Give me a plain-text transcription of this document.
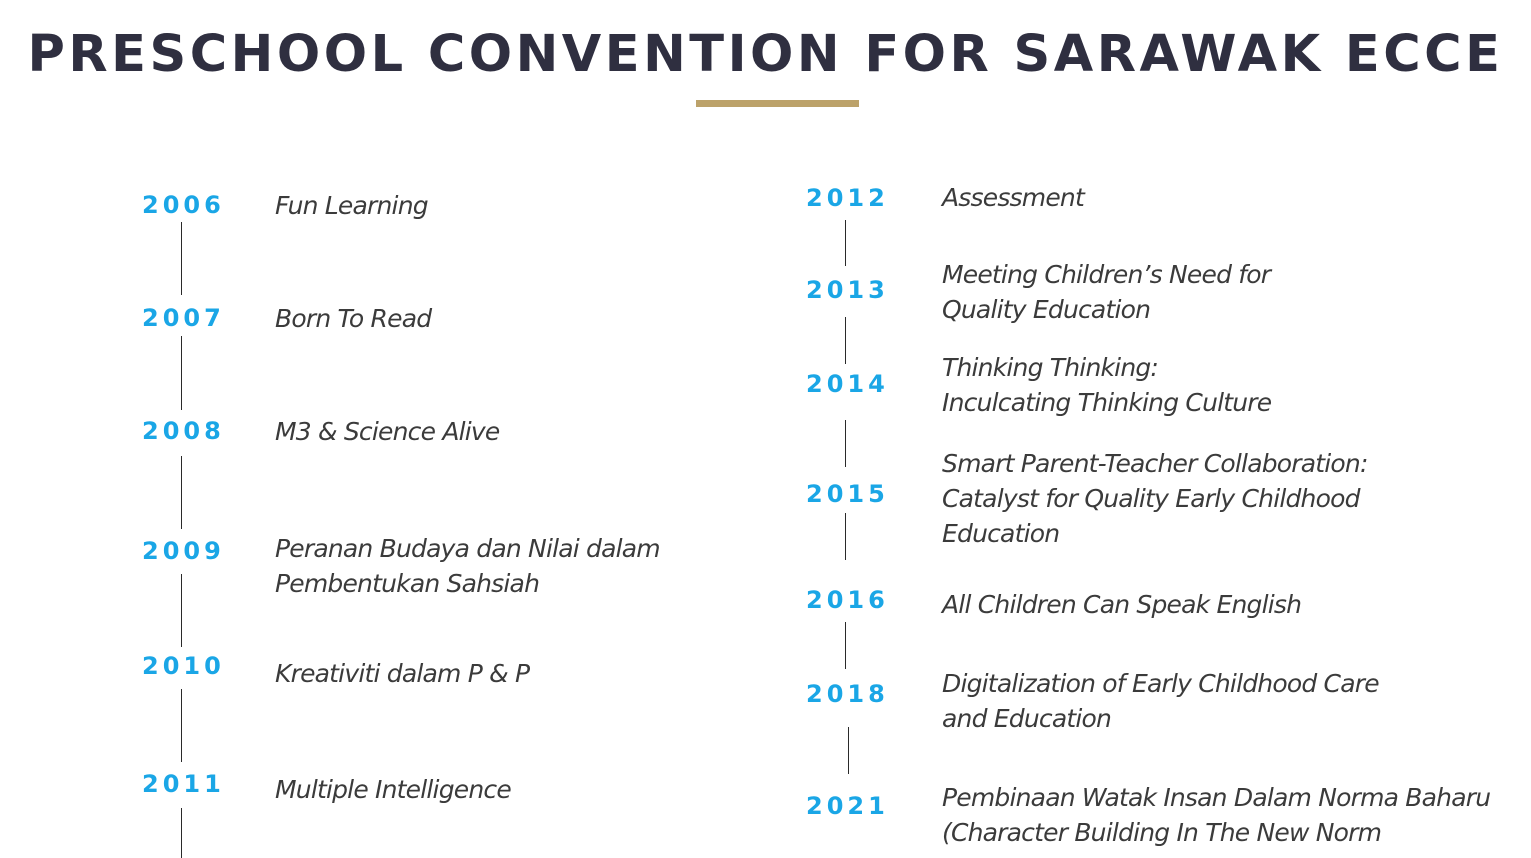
PRESCHOOL CONVENTION FOR SARAWAK ECCE
2006 Fun Learning
2007 Born To Read
2008 M3 & Science Alive
2009 Peranan Budaya dan Nilai dalam
Pembentukan Sahsiah
2010 Kreativiti dalam P & P
2011 Multiple Intelligence
2012 Assessment
2013
Meeting Children’s Need for
Quality Education
2014
Thinking Thinking:
Inculcating Thinking Culture
2015
Smart Parent-Teacher Collaboration:
Catalyst for Quality Early Childhood
Education
2016 All Children Can Speak English
2018 Digitalization of Early Childhood Care
and Education
2021 Pembinaan Watak Insan Dalam Norma Baharu
(Character Building In The New Norm
